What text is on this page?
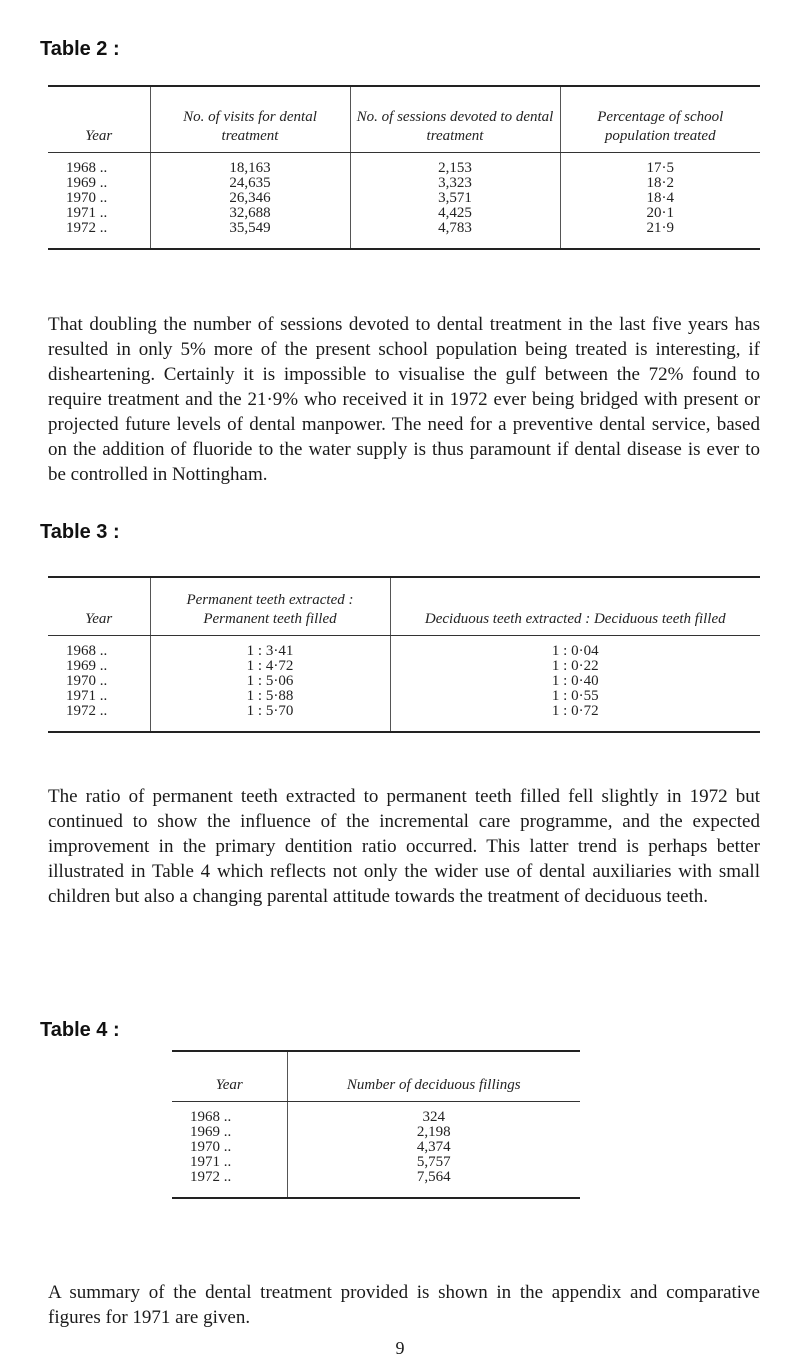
Table 2 :
Year	No. of visits for dental treatment	No. of sessions devoted to dental treatment	Percentage of school population treated
1968 ..	18,163	2,153	17·5
1969 ..	24,635	3,323	18·2
1970 ..	26,346	3,571	18·4
1971 ..	32,688	4,425	20·1
1972 ..	35,549	4,783	21·9

That doubling the number of sessions devoted to dental treatment in the last five years has resulted in only 5% more of the present school population being treated is interesting, if disheartening. Certainly it is impossible to visualise the gulf between the 72% found to require treatment and the 21·9% who received it in 1972 ever being bridged with present or projected future levels of dental manpower. The need for a preventive dental service, based on the addition of fluoride to the water supply is thus paramount if dental disease is ever to be controlled in Nottingham.

Table 3 :
Year	Permanent teeth extracted : Permanent teeth filled	Deciduous teeth extracted : Deciduous teeth filled
1968 ..	1 : 3·41	1 : 0·04
1969 ..	1 : 4·72	1 : 0·22
1970 ..	1 : 5·06	1 : 0·40
1971 ..	1 : 5·88	1 : 0·55
1972 ..	1 : 5·70	1 : 0·72

The ratio of permanent teeth extracted to permanent teeth filled fell slightly in 1972 but continued to show the influence of the incremental care programme, and the expected improvement in the primary dentition ratio occurred. This latter trend is perhaps better illustrated in Table 4 which reflects not only the wider use of dental auxiliaries with small children but also a changing parental attitude towards the treatment of deciduous teeth.

Table 4 :
Year	Number of deciduous fillings
1968 ..	324
1969 ..	2,198
1970 ..	4,374
1971 ..	5,757
1972 ..	7,564

A summary of the dental treatment provided is shown in the appendix and comparative figures for 1971 are given.

9
